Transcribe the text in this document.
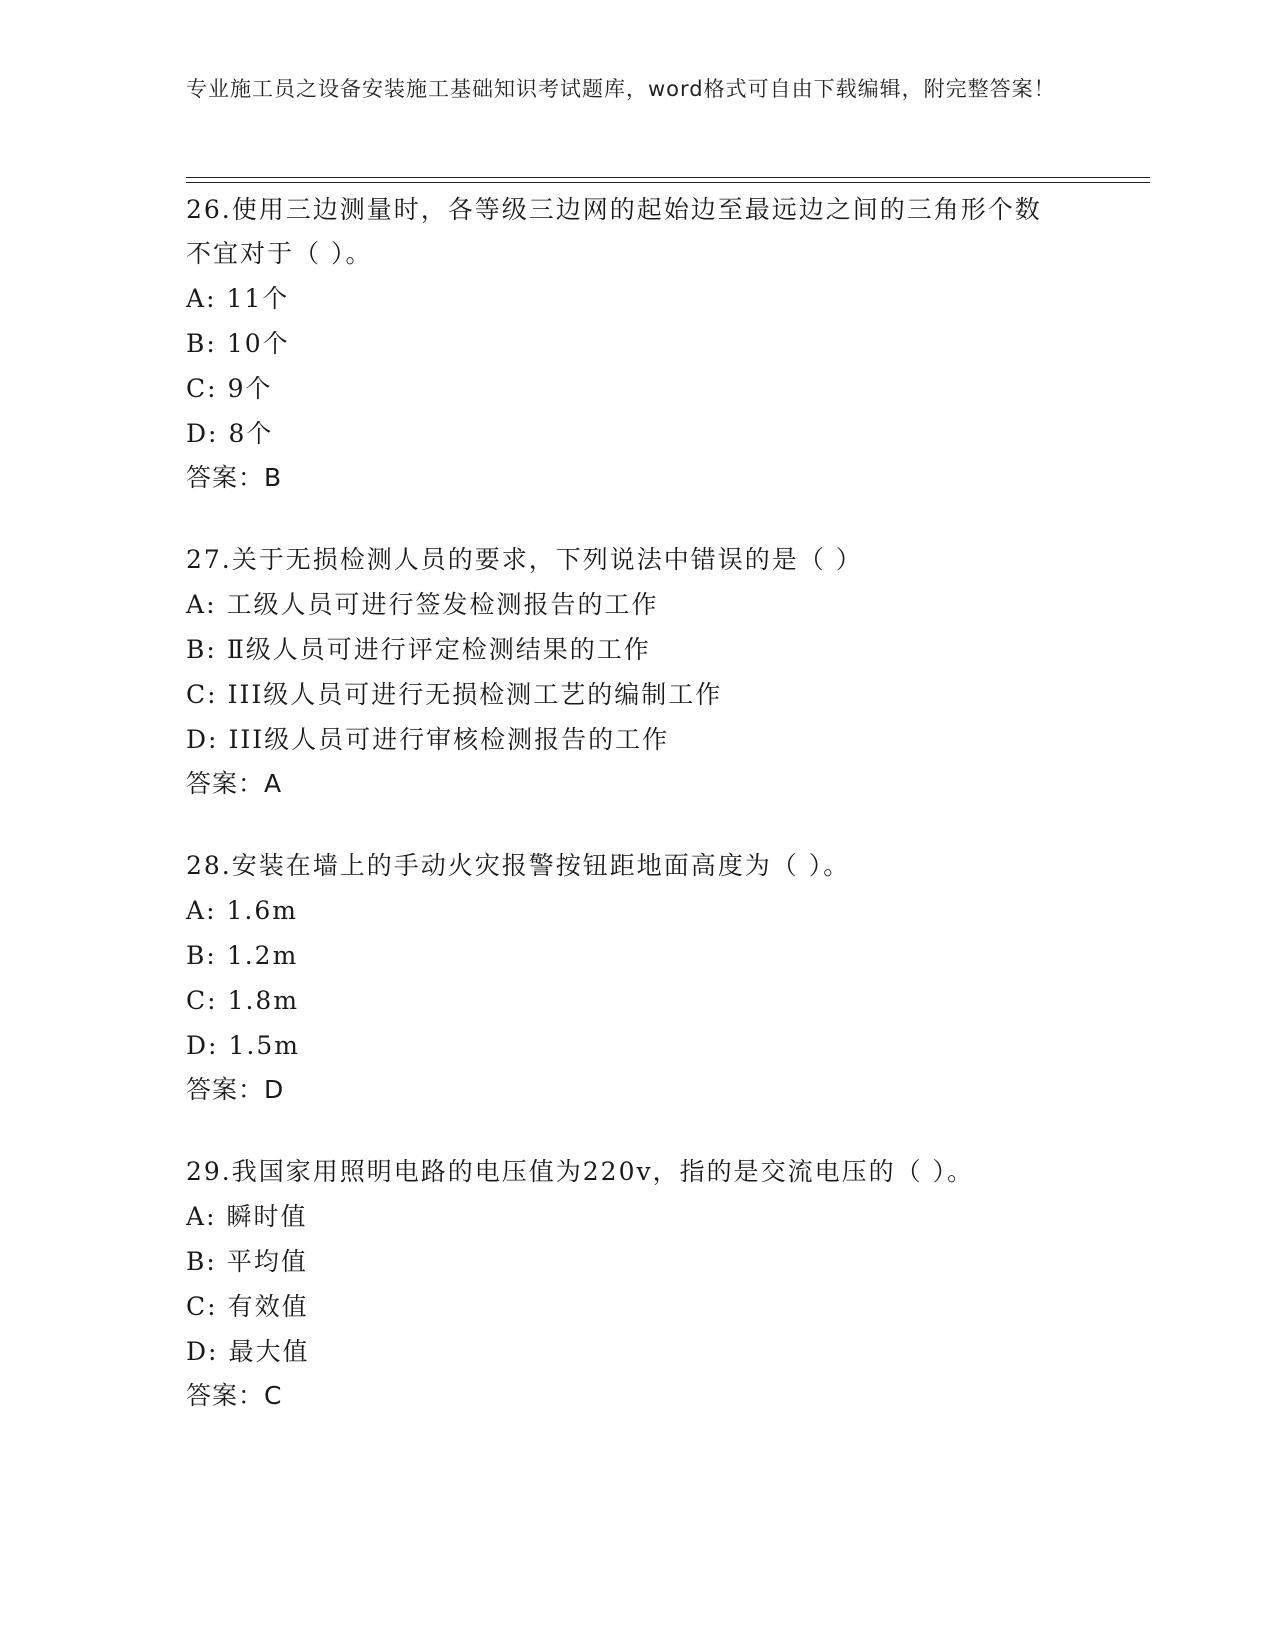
专业施工员之设备安装施工基础知识考试题库，word格式可自由下载编辑，附完整答案！

26.使用三边测量时，各等级三边网的起始边至最远边之间的三角形个数不宜对于（ ）。

A: 11个
B: 10个
C: 9个
D: 8个

答案：B

27.关于无损检测人员的要求，下列说法中错误的是（ ）

A: 工级人员可进行签发检测报告的工作
B: Ⅱ级人员可进行评定检测结果的工作
C: III级人员可进行无损检测工艺的编制工作
D: III级人员可进行审核检测报告的工作

答案：A

28.安装在墙上的手动火灾报警按钮距地面高度为（ ）。

A: 1.6m
B: 1.2m
C: 1.8m
D: 1.5m

答案：D

29.我国家用照明电路的电压值为220v，指的是交流电压的（ ）。

A: 瞬时值
B: 平均值
C: 有效值
D: 最大值

答案：C
